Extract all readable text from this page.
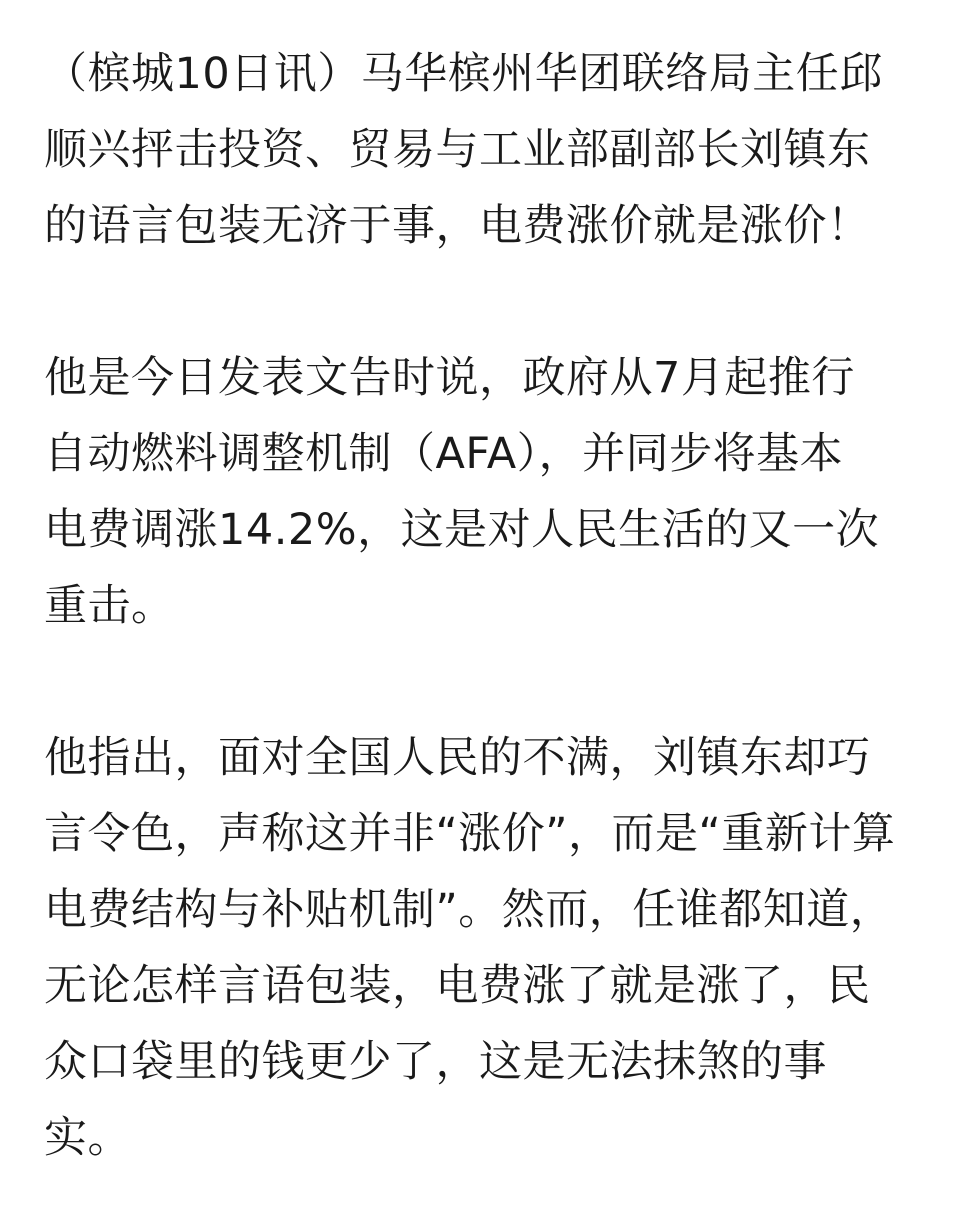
（槟城10日讯）马华槟州华团联络局主任邱
顺兴抨击投资、贸易与工业部副部长刘镇东
的语言包装无济于事，电费涨价就是涨价！
他是今日发表文告时说，政府从7月起推行
自动燃料调整机制（AFA），并同步将基本
电费调涨14.2%，这是对人民生活的又一次
重击。
他指出，面对全国人民的不满，刘镇东却巧
言令色，声称这并非“涨价”，而是“重新计算
电费结构与补贴机制”。然而，任谁都知道，
无论怎样言语包装，电费涨了就是涨了，民
众口袋里的钱更少了，这是无法抹煞的事
实。
